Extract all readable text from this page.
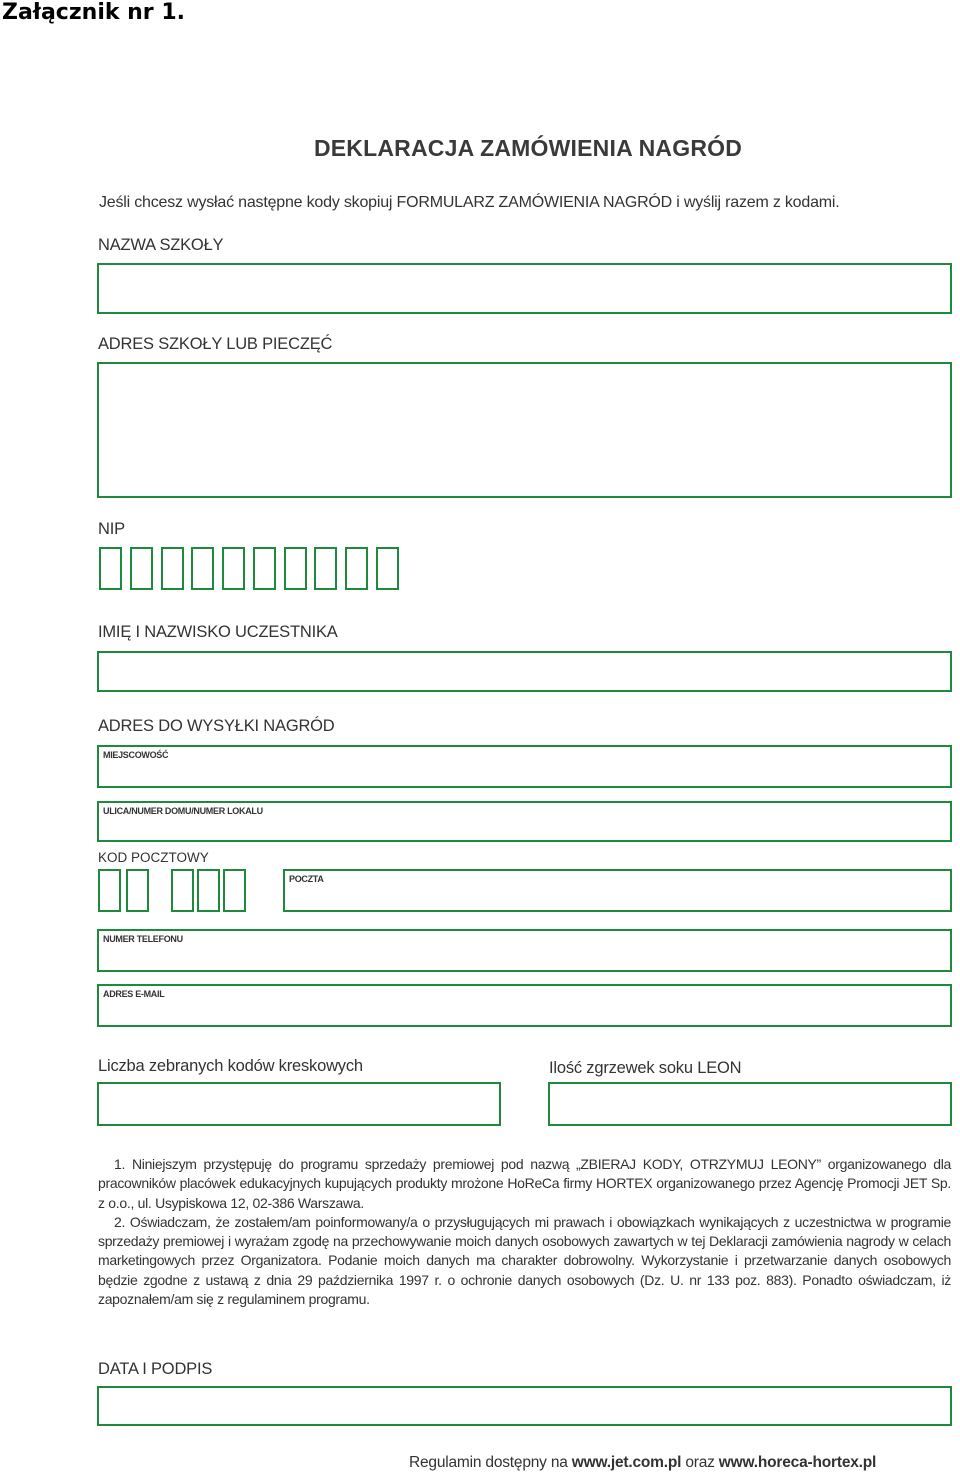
Załącznik nr 1.
DEKLARACJA ZAMÓWIENIA NAGRÓD
Jeśli chcesz wysłać następne kody skopiuj FORMULARZ ZAMÓWIENIA NAGRÓD i wyślij razem z kodami.
NAZWA SZKOŁY
ADRES SZKOŁY LUB PIECZĘĆ
NIP
IMIĘ I NAZWISKO UCZESTNIKA
ADRES DO WYSYŁKI NAGRÓD
MIEJSCOWOŚĆ
ULICA/NUMER DOMU/NUMER LOKALU
KOD POCZTOWY
POCZTA
NUMER TELEFONU
ADRES E-MAIL
Liczba zebranych kodów kreskowych	Ilość zgrzewek soku LEON

1. Niniejszym przystępuję do programu sprzedaży premiowej pod nazwą „ZBIERAJ KODY, OTRZYMUJ LEONY” organizowanego dla pracowników placówek edukacyjnych kupujących produkty mrożone HoReCa firmy HORTEX organizowanego przez Agencję Promocji JET Sp. z o.o., ul. Usypiskowa 12, 02-386 Warszawa.

2. Oświadczam, że zostałem/am poinformowany/a o przysługujących mi prawach i obowiązkach wynikających z uczestnictwa w programie sprzedaży premiowej i wyrażam zgodę na przechowywanie moich danych osobowych zawartych w tej Deklaracji zamówienia nagrody w celach marketingowych przez Organizatora. Podanie moich danych ma charakter dobrowolny. Wykorzystanie i przetwarzanie danych osobowych będzie zgodne z ustawą z dnia 29 października 1997 r. o ochronie danych osobowych (Dz. U. nr 133 poz. 883). Ponadto oświadczam, iż zapoznałem/am się z regulaminem programu.

DATA I PODPIS
Regulamin dostępny na www.jet.com.pl oraz www.horeca-hortex.pl
